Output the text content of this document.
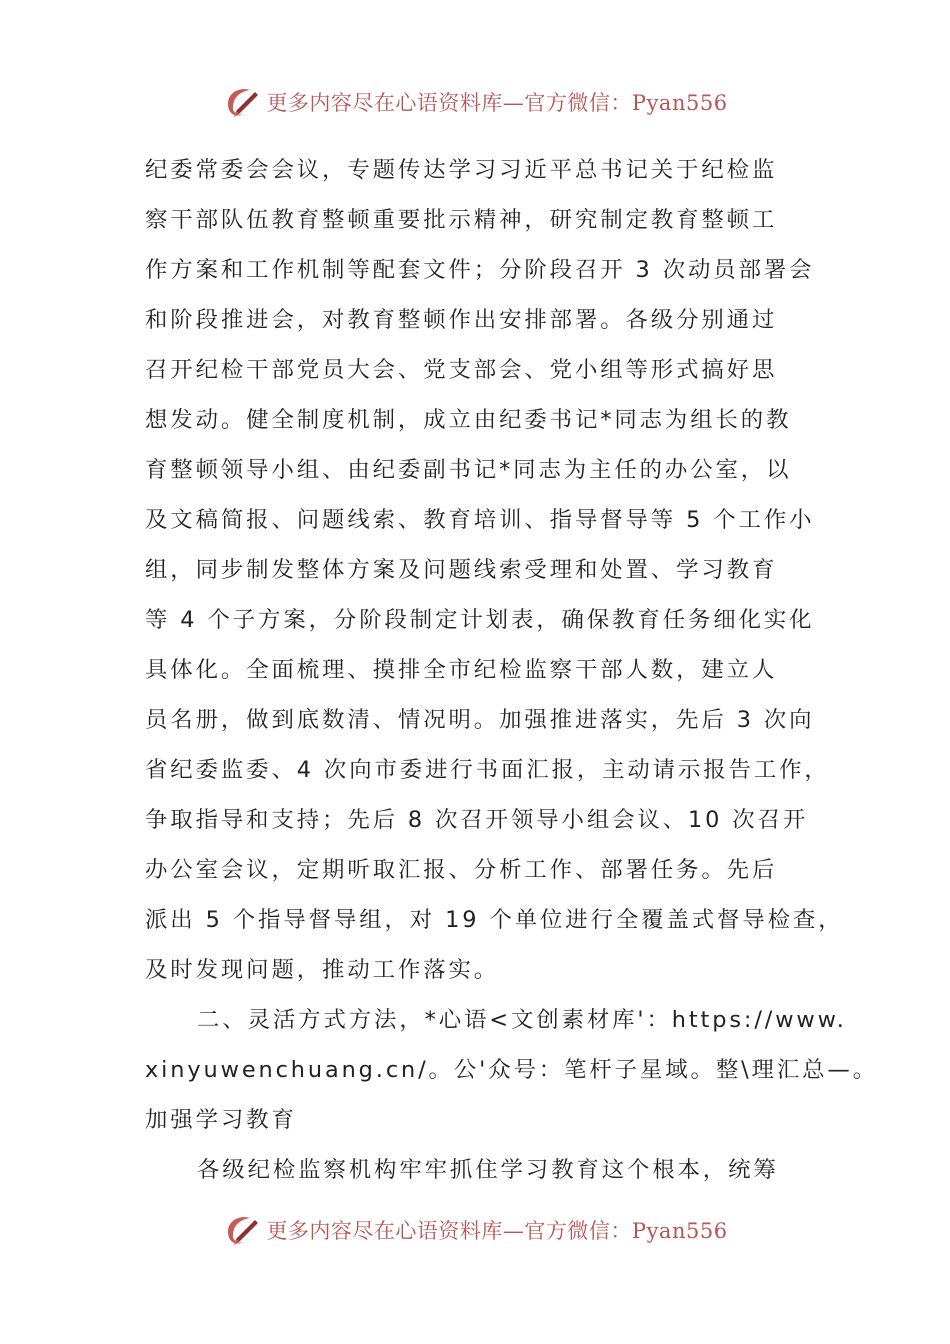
更多内容尽在心语资料库—官方微信：Pyan556
纪委常委会会议，专题传达学习习近平总书记关于纪检监
察干部队伍教育整顿重要批示精神，研究制定教育整顿工
作方案和工作机制等配套文件；分阶段召开 3 次动员部署会
和阶段推进会，对教育整顿作出安排部署。各级分别通过
召开纪检干部党员大会、党支部会、党小组等形式搞好思
想发动。健全制度机制，成立由纪委书记*同志为组长的教
育整顿领导小组、由纪委副书记*同志为主任的办公室，以
及文稿简报、问题线索、教育培训、指导督导等 5 个工作小
组，同步制发整体方案及问题线索受理和处置、学习教育
等 4 个子方案，分阶段制定计划表，确保教育任务细化实化
具体化。全面梳理、摸排全市纪检监察干部人数，建立人
员名册，做到底数清、情况明。加强推进落实，先后 3 次向
省纪委监委、4 次向市委进行书面汇报，主动请示报告工作，
争取指导和支持；先后 8 次召开领导小组会议、10 次召开
办公室会议，定期听取汇报、分析工作、部署任务。先后
派出 5 个指导督导组，对 19 个单位进行全覆盖式督导检查，
及时发现问题，推动工作落实。
二、灵活方式方法，*心语<文创素材库'：https://www.
xinyuwenchuang.cn/。公'众号：笔杆子星域。整\理汇总—。
加强学习教育
各级纪检监察机构牢牢抓住学习教育这个根本，统筹
更多内容尽在心语资料库—官方微信：Pyan556
